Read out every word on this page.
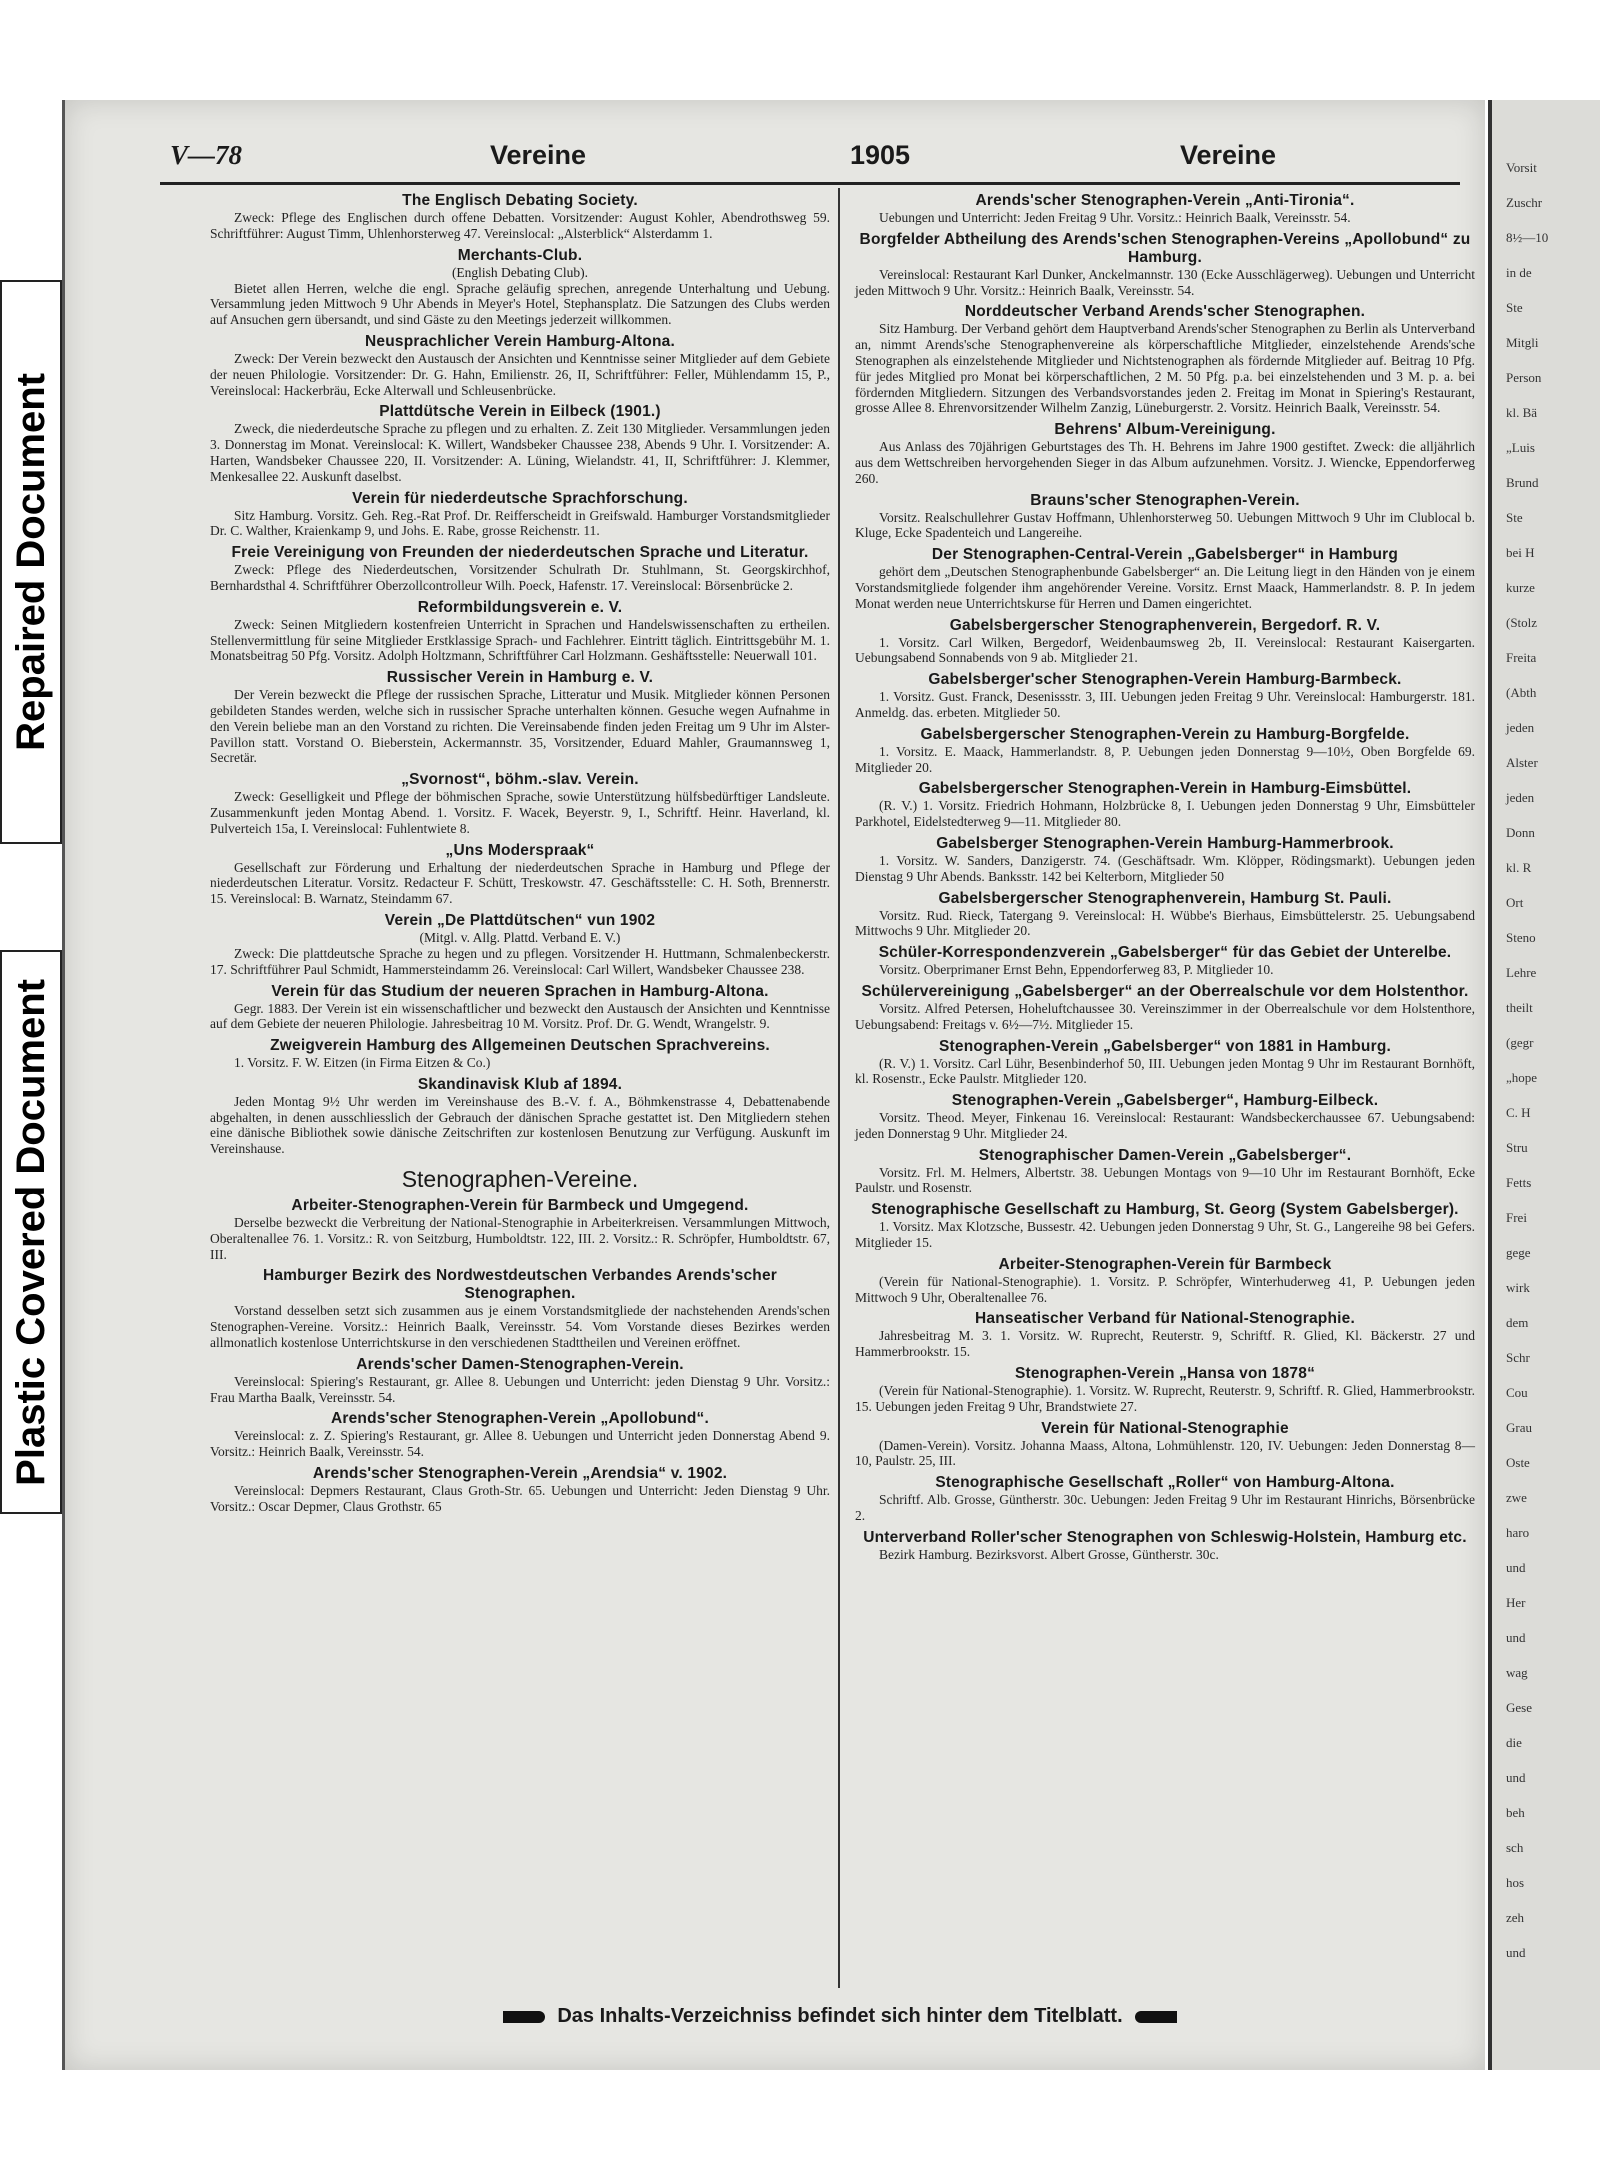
Repaired Document
Plastic Covered Document
V—78	Vereine	1905	Vereine

The Englisch Debating Society.

Zweck: Pflege des Englischen durch offene Debatten. Vorsitzender: August Kohler, Abendrothsweg 59. Schriftführer: August Timm, Uhlenhorsterweg 47. Vereinslocal: „Alsterblick“ Alsterdamm 1.

Merchants-Club.

(English Debating Club).

Bietet allen Herren, welche die engl. Sprache geläufig sprechen, anregende Unterhaltung und Uebung. Versammlung jeden Mittwoch 9 Uhr Abends in Meyer's Hotel, Stephansplatz. Die Satzungen des Clubs werden auf Ansuchen gern übersandt, und sind Gäste zu den Meetings jederzeit willkommen.

Neusprachlicher Verein Hamburg-Altona.

Zweck: Der Verein bezweckt den Austausch der Ansichten und Kenntnisse seiner Mitglieder auf dem Gebiete der neuen Philologie. Vorsitzender: Dr. G. Hahn, Emilienstr. 26, II, Schriftführer: Feller, Mühlendamm 15, P., Vereinslocal: Hackerbräu, Ecke Alterwall und Schleusenbrücke.

Plattdütsche Verein in Eilbeck (1901.)

Zweck, die niederdeutsche Sprache zu pflegen und zu erhalten. Z. Zeit 130 Mitglieder. Versammlungen jeden 3. Donnerstag im Monat. Vereinslocal: K. Willert, Wandsbeker Chaussee 238, Abends 9 Uhr. I. Vorsitzender: A. Harten, Wandsbeker Chaussee 220, II. Vorsitzender: A. Lüning, Wielandstr. 41, II, Schriftführer: J. Klemmer, Menkesallee 22. Auskunft daselbst.

Verein für niederdeutsche Sprachforschung.

Sitz Hamburg. Vorsitz. Geh. Reg.-Rat Prof. Dr. Reifferscheidt in Greifswald. Hamburger Vorstandsmitglieder Dr. C. Walther, Kraienkamp 9, und Johs. E. Rabe, grosse Reichenstr. 11.

Freie Vereinigung von Freunden der niederdeutschen Sprache und Literatur.

Zweck: Pflege des Niederdeutschen, Vorsitzender Schulrath Dr. Stuhlmann, St. Georgskirchhof, Bernhardsthal 4. Schriftführer Oberzollcontrolleur Wilh. Poeck, Hafenstr. 17. Vereinslocal: Börsenbrücke 2.

Reformbildungsverein e. V.

Zweck: Seinen Mitgliedern kostenfreien Unterricht in Sprachen und Handelswissenschaften zu ertheilen. Stellenvermittlung für seine Mitglieder Erstklassige Sprach- und Fachlehrer. Eintritt täglich. Eintrittsgebühr M. 1. Monatsbeitrag 50 Pfg. Vorsitz. Adolph Holtzmann, Schriftführer Carl Holzmann. Geshäftsstelle: Neuerwall 101.

Russischer Verein in Hamburg e. V.

Der Verein bezweckt die Pflege der russischen Sprache, Litteratur und Musik. Mitglieder können Personen gebildeten Standes werden, welche sich in russischer Sprache unterhalten können. Gesuche wegen Aufnahme in den Verein beliebe man an den Vorstand zu richten. Die Vereinsabende finden jeden Freitag um 9 Uhr im Alster-Pavillon statt. Vorstand O. Bieberstein, Ackermannstr. 35, Vorsitzender, Eduard Mahler, Graumannsweg 1, Secretär.

„Svornost“, böhm.-slav. Verein.

Zweck: Geselligkeit und Pflege der böhmischen Sprache, sowie Unterstützung hülfsbedürftiger Landsleute. Zusammenkunft jeden Montag Abend. 1. Vorsitz. F. Wacek, Beyerstr. 9, I., Schriftf. Heinr. Haverland, kl. Pulverteich 15a, I. Vereinslocal: Fuhlentwiete 8.

„Uns Moderspraak“

Gesellschaft zur Förderung und Erhaltung der niederdeutschen Sprache in Hamburg und Pflege der niederdeutschen Literatur. Vorsitz. Redacteur F. Schütt, Treskowstr. 47. Geschäftsstelle: C. H. Soth, Brennerstr. 15. Vereinslocal: B. Warnatz, Steindamm 67.

Verein „De Plattdütschen“ vun 1902

(Mitgl. v. Allg. Plattd. Verband E. V.)

Zweck: Die plattdeutsche Sprache zu hegen und zu pflegen. Vorsitzender H. Huttmann, Schmalenbeckerstr. 17. Schriftführer Paul Schmidt, Hammersteindamm 26. Vereinslocal: Carl Willert, Wandsbeker Chaussee 238.

Verein für das Studium der neueren Sprachen in Hamburg-Altona.

Gegr. 1883. Der Verein ist ein wissenschaftlicher und bezweckt den Austausch der Ansichten und Kenntnisse auf dem Gebiete der neueren Philologie. Jahresbeitrag 10 M. Vorsitz. Prof. Dr. G. Wendt, Wrangelstr. 9.

Zweigverein Hamburg des Allgemeinen Deutschen Sprachvereins.

1. Vorsitz. F. W. Eitzen (in Firma Eitzen & Co.)

Skandinavisk Klub af 1894.

Jeden Montag 9½ Uhr werden im Vereinshause des B.-V. f. A., Böhmkenstrasse 4, Debattenabende abgehalten, in denen ausschliesslich der Gebrauch der dänischen Sprache gestattet ist. Den Mitgliedern stehen eine dänische Bibliothek sowie dänische Zeitschriften zur kostenlosen Benutzung zur Verfügung. Auskunft im Vereinshause.

Stenographen-Vereine.

Arbeiter-Stenographen-Verein für Barmbeck und Umgegend.

Derselbe bezweckt die Verbreitung der National-Stenographie in Arbeiterkreisen. Versammlungen Mittwoch, Oberaltenallee 76. 1. Vorsitz.: R. von Seitzburg, Humboldtstr. 122, III. 2. Vorsitz.: R. Schröpfer, Humboldtstr. 67, III.

Hamburger Bezirk des Nordwestdeutschen Verbandes Arends'scher Stenographen.

Vorstand desselben setzt sich zusammen aus je einem Vorstandsmitgliede der nachstehenden Arends'schen Stenographen-Vereine. Vorsitz.: Heinrich Baalk, Vereinsstr. 54. Vom Vorstande dieses Bezirkes werden allmonatlich kostenlose Unterrichtskurse in den verschiedenen Stadttheilen und Vereinen eröffnet.

Arends'scher Damen-Stenographen-Verein.

Vereinslocal: Spiering's Restaurant, gr. Allee 8. Uebungen und Unterricht: jeden Dienstag 9 Uhr. Vorsitz.: Frau Martha Baalk, Vereinsstr. 54.

Arends'scher Stenographen-Verein „Apollobund“.

Vereinslocal: z. Z. Spiering's Restaurant, gr. Allee 8. Uebungen und Unterricht jeden Donnerstag Abend 9. Vorsitz.: Heinrich Baalk, Vereinsstr. 54.

Arends'scher Stenographen-Verein „Arendsia“ v. 1902.

Vereinslocal: Depmers Restaurant, Claus Groth-Str. 65. Uebungen und Unterricht: Jeden Dienstag 9 Uhr. Vorsitz.: Oscar Depmer, Claus Grothstr. 65

Arends'scher Stenographen-Verein „Anti-Tironia“.

Uebungen und Unterricht: Jeden Freitag 9 Uhr. Vorsitz.: Heinrich Baalk, Vereinsstr. 54.

Borgfelder Abtheilung des Arends'schen Stenographen-Vereins „Apollobund“ zu Hamburg.

Vereinslocal: Restaurant Karl Dunker, Anckelmannstr. 130 (Ecke Ausschlägerweg). Uebungen und Unterricht jeden Mittwoch 9 Uhr. Vorsitz.: Heinrich Baalk, Vereinsstr. 54.

Norddeutscher Verband Arends'scher Stenographen.

Sitz Hamburg. Der Verband gehört dem Hauptverband Arends'scher Stenographen zu Berlin als Unterverband an, nimmt Arends'sche Stenographenvereine als körperschaftliche Mitglieder, einzelstehende Arends'sche Stenographen als einzelstehende Mitglieder und Nichtstenographen als fördernde Mitglieder auf. Beitrag 10 Pfg. für jedes Mitglied pro Monat bei körperschaftlichen, 2 M. 50 Pfg. p.a. bei einzelstehenden und 3 M. p. a. bei fördernden Mitgliedern. Sitzungen des Verbandsvorstandes jeden 2. Freitag im Monat in Spiering's Restaurant, grosse Allee 8. Ehrenvorsitzender Wilhelm Zanzig, Lüneburgerstr. 2. Vorsitz. Heinrich Baalk, Vereinsstr. 54.

Behrens' Album-Vereinigung.

Aus Anlass des 70jährigen Geburtstages des Th. H. Behrens im Jahre 1900 gestiftet. Zweck: die alljährlich aus dem Wettschreiben hervorgehenden Sieger in das Album aufzunehmen. Vorsitz. J. Wiencke, Eppendorferweg 260.

Brauns'scher Stenographen-Verein.

Vorsitz. Realschullehrer Gustav Hoffmann, Uhlenhorsterweg 50. Uebungen Mittwoch 9 Uhr im Clublocal b. Kluge, Ecke Spadenteich und Langereihe.

Der Stenographen-Central-Verein „Gabelsberger“ in Hamburg

gehört dem „Deutschen Stenographenbunde Gabelsberger“ an. Die Leitung liegt in den Händen von je einem Vorstandsmitgliede folgender ihm angehörender Vereine. Vorsitz. Ernst Maack, Hammerlandstr. 8. P. In jedem Monat werden neue Unterrichtskurse für Herren und Damen eingerichtet.

Gabelsbergerscher Stenographenverein, Bergedorf. R. V.

1. Vorsitz. Carl Wilken, Bergedorf, Weidenbaumsweg 2b, II. Vereinslocal: Restaurant Kaisergarten. Uebungsabend Sonnabends von 9 ab. Mitglieder 21.

Gabelsberger'scher Stenographen-Verein Hamburg-Barmbeck.

1. Vorsitz. Gust. Franck, Desenissstr. 3, III. Uebungen jeden Freitag 9 Uhr. Vereinslocal: Hamburgerstr. 181. Anmeldg. das. erbeten. Mitglieder 50.

Gabelsbergerscher Stenographen-Verein zu Hamburg-Borgfelde.

1. Vorsitz. E. Maack, Hammerlandstr. 8, P. Uebungen jeden Donnerstag 9—10½, Oben Borgfelde 69. Mitglieder 20.

Gabelsbergerscher Stenographen-Verein in Hamburg-Eimsbüttel.

(R. V.) 1. Vorsitz. Friedrich Hohmann, Holzbrücke 8, I. Uebungen jeden Donnerstag 9 Uhr, Eimsbütteler Parkhotel, Eidelstedterweg 9—11. Mitglieder 80.

Gabelsberger Stenographen-Verein Hamburg-Hammerbrook.

1. Vorsitz. W. Sanders, Danzigerstr. 74. (Geschäftsadr. Wm. Klöpper, Rödingsmarkt). Uebungen jeden Dienstag 9 Uhr Abends. Banksstr. 142 bei Kelterborn, Mitglieder 50

Gabelsbergerscher Stenographenverein, Hamburg St. Pauli.

Vorsitz. Rud. Rieck, Tatergang 9. Vereinslocal: H. Wübbe's Bierhaus, Eimsbüttelerstr. 25. Uebungsabend Mittwochs 9 Uhr. Mitglieder 20.

Schüler-Korrespondenzverein „Gabelsberger“ für das Gebiet der Unterelbe.

Vorsitz. Oberprimaner Ernst Behn, Eppendorferweg 83, P. Mitglieder 10.

Schülervereinigung „Gabelsberger“ an der Oberrealschule vor dem Holstenthor.

Vorsitz. Alfred Petersen, Hoheluftchaussee 30. Vereinszimmer in der Oberrealschule vor dem Holstenthore, Uebungsabend: Freitags v. 6½—7½. Mitglieder 15.

Stenographen-Verein „Gabelsberger“ von 1881 in Hamburg.

(R. V.) 1. Vorsitz. Carl Lühr, Besenbinderhof 50, III. Uebungen jeden Montag 9 Uhr im Restaurant Bornhöft, kl. Rosenstr., Ecke Paulstr. Mitglieder 120.

Stenographen-Verein „Gabelsberger“, Hamburg-Eilbeck.

Vorsitz. Theod. Meyer, Finkenau 16. Vereinslocal: Restaurant: Wandsbeckerchaussee 67. Uebungsabend: jeden Donnerstag 9 Uhr. Mitglieder 24.

Stenographischer Damen-Verein „Gabelsberger“.

Vorsitz. Frl. M. Helmers, Albertstr. 38. Uebungen Montags von 9—10 Uhr im Restaurant Bornhöft, Ecke Paulstr. und Rosenstr.

Stenographische Gesellschaft zu Hamburg, St. Georg (System Gabelsberger).

1. Vorsitz. Max Klotzsche, Bussestr. 42. Uebungen jeden Donnerstag 9 Uhr, St. G., Langereihe 98 bei Gefers. Mitglieder 15.

Arbeiter-Stenographen-Verein für Barmbeck

(Verein für National-Stenographie). 1. Vorsitz. P. Schröpfer, Winterhuderweg 41, P. Uebungen jeden Mittwoch 9 Uhr, Oberaltenallee 76.

Hanseatischer Verband für National-Stenographie.

Jahresbeitrag M. 3. 1. Vorsitz. W. Ruprecht, Reuterstr. 9, Schriftf. R. Glied, Kl. Bäckerstr. 27 und Hammerbrookstr. 15.

Stenographen-Verein „Hansa von 1878“

(Verein für National-Stenographie). 1. Vorsitz. W. Ruprecht, Reuterstr. 9, Schriftf. R. Glied, Hammerbrookstr. 15. Uebungen jeden Freitag 9 Uhr, Brandstwiete 27.

Verein für National-Stenographie

(Damen-Verein). Vorsitz. Johanna Maass, Altona, Lohmühlenstr. 120, IV. Uebungen: Jeden Donnerstag 8—10, Paulstr. 25, III.

Stenographische Gesellschaft „Roller“ von Hamburg-Altona.

Schriftf. Alb. Grosse, Güntherstr. 30c. Uebungen: Jeden Freitag 9 Uhr im Restaurant Hinrichs, Börsenbrücke 2.

Unterverband Roller'scher Stenographen von Schleswig-Holstein, Hamburg etc.

Bezirk Hamburg. Bezirksvorst. Albert Grosse, Güntherstr. 30c.

Das Inhalts-Verzeichniss befindet sich hinter dem Titelblatt.
Vorsit
Zuschr
8½—10
in de
Ste
Mitgli
Person
kl. Bä
„Luis
Brund
Ste
bei H
kurze
(Stolz
Freita
(Abth
jeden
Alster
jeden
Donn
kl. R
Ort
Steno
Lehre
theilt
(gegr
„hope
C. H
Stru
Fetts
Frei
gege
wirk
dem
Schr
Cou
Grau
Oste
zwe
haro
und
Her
und
wag
Gese
die
und
beh
sch
hos
zeh
und
